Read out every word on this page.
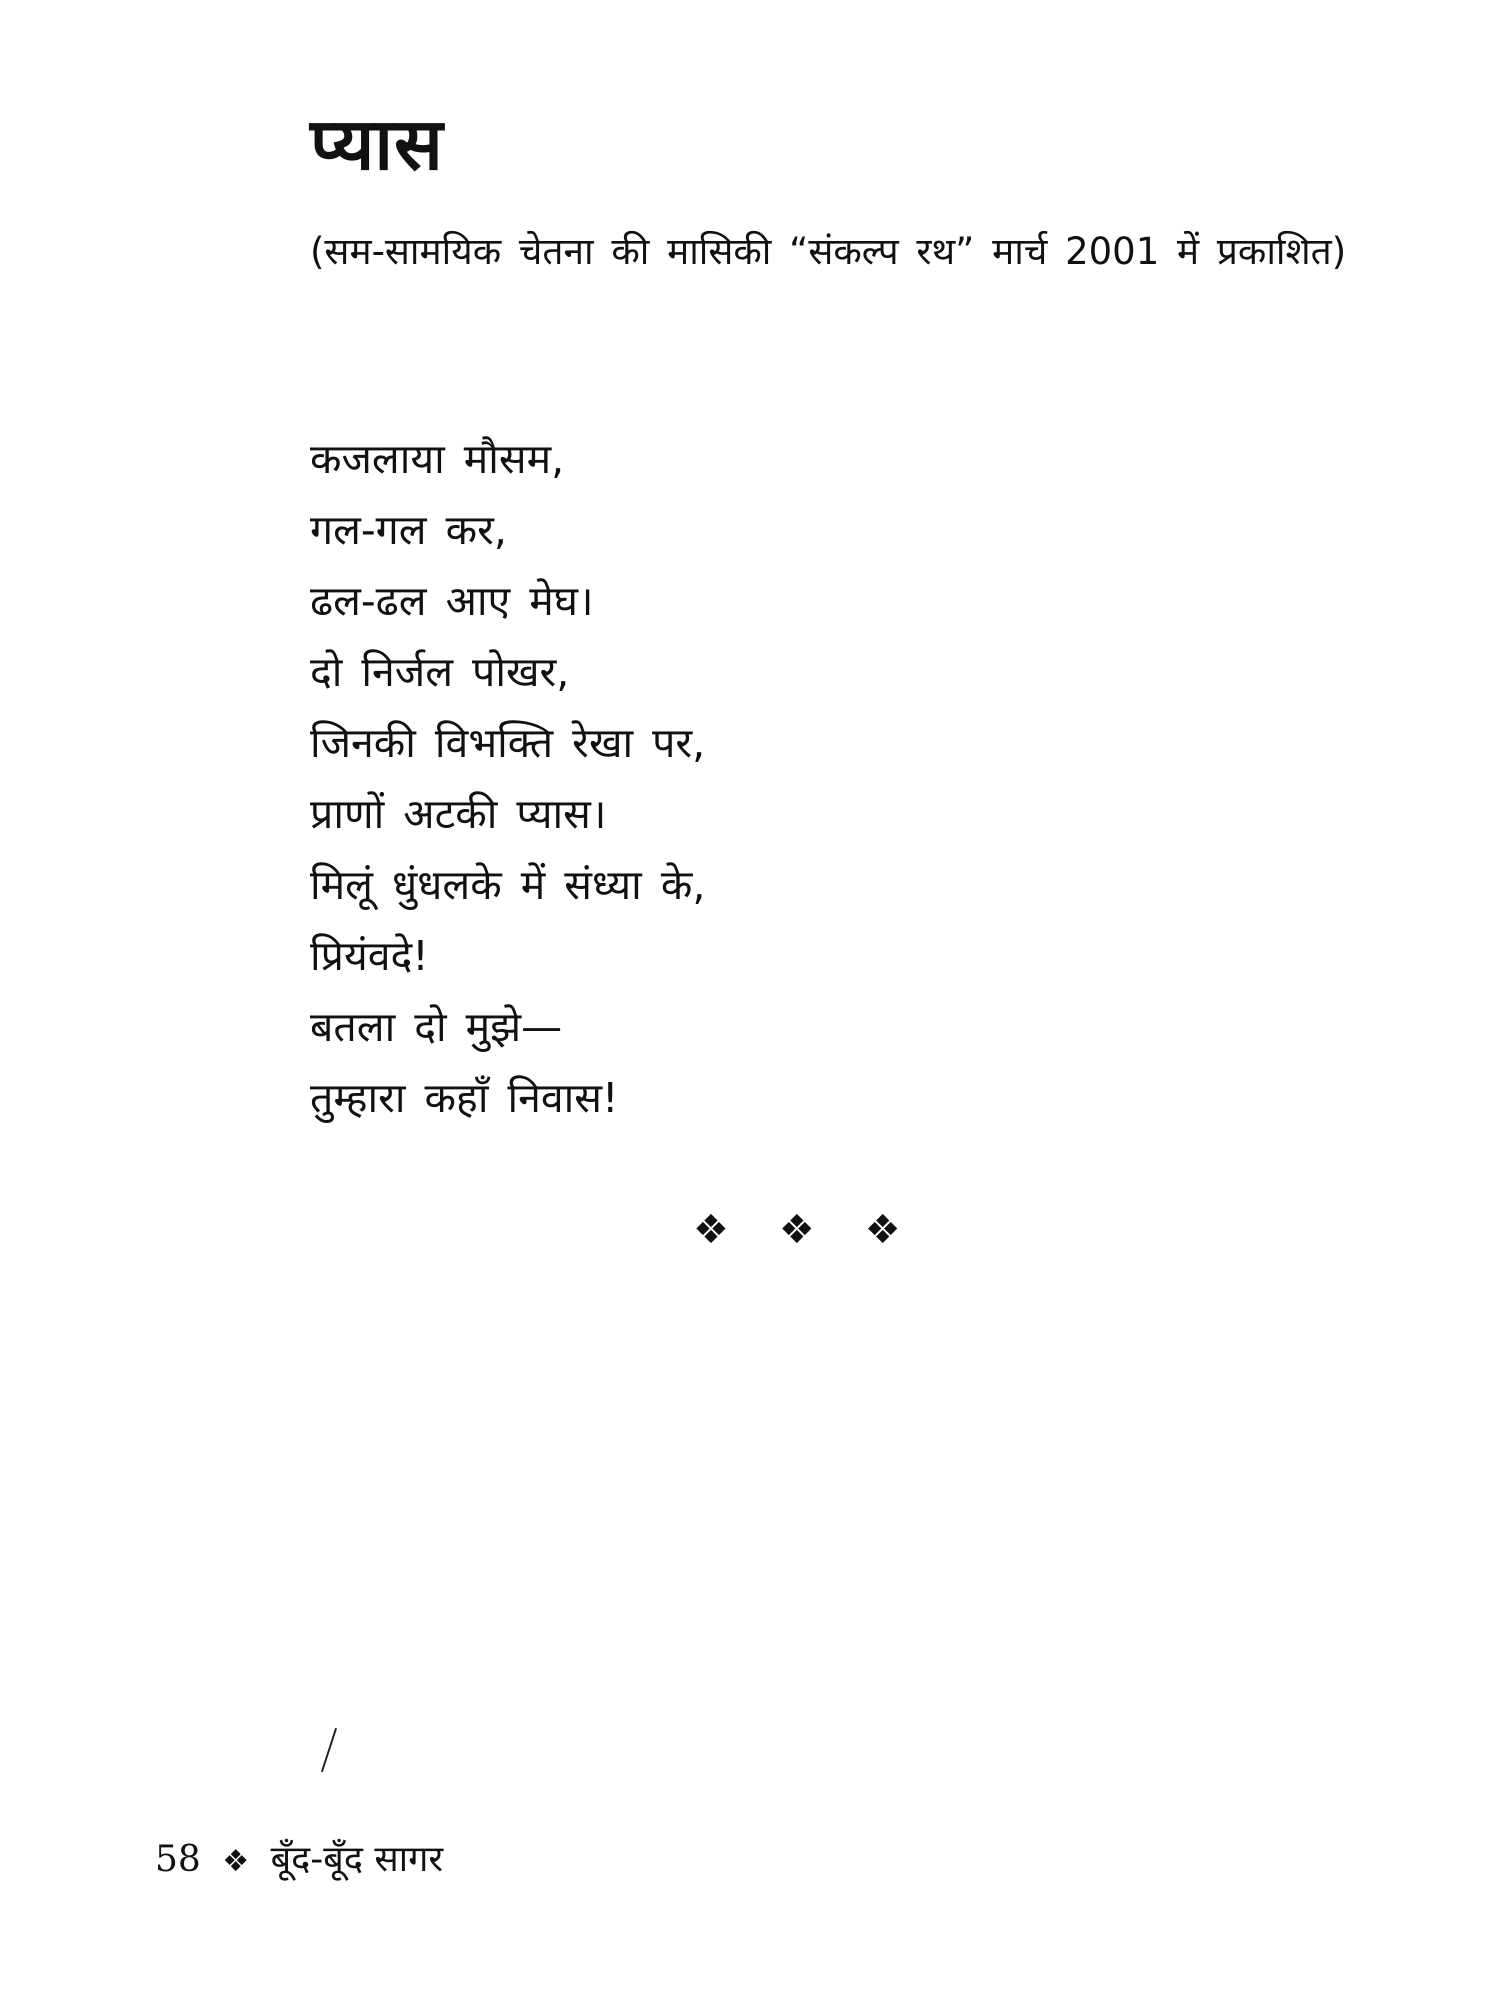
प्यास

(सम-सामयिक चेतना की मासिकी “संकल्प रथ” मार्च 2001 में प्रकाशित)

कजलाया मौसम,
गल-गल कर,
ढल-ढल आए मेघ।
दो निर्जल पोखर,
जिनकी विभक्ति रेखा पर,
प्राणों अटकी प्यास।
मिलूं धुंधलके में संध्या के,
प्रियंवदे!
बतला दो मुझे—
तुम्हारा कहाँ निवास!
❖ ❖ ❖
58 ❖ बूँद-बूँद सागर
